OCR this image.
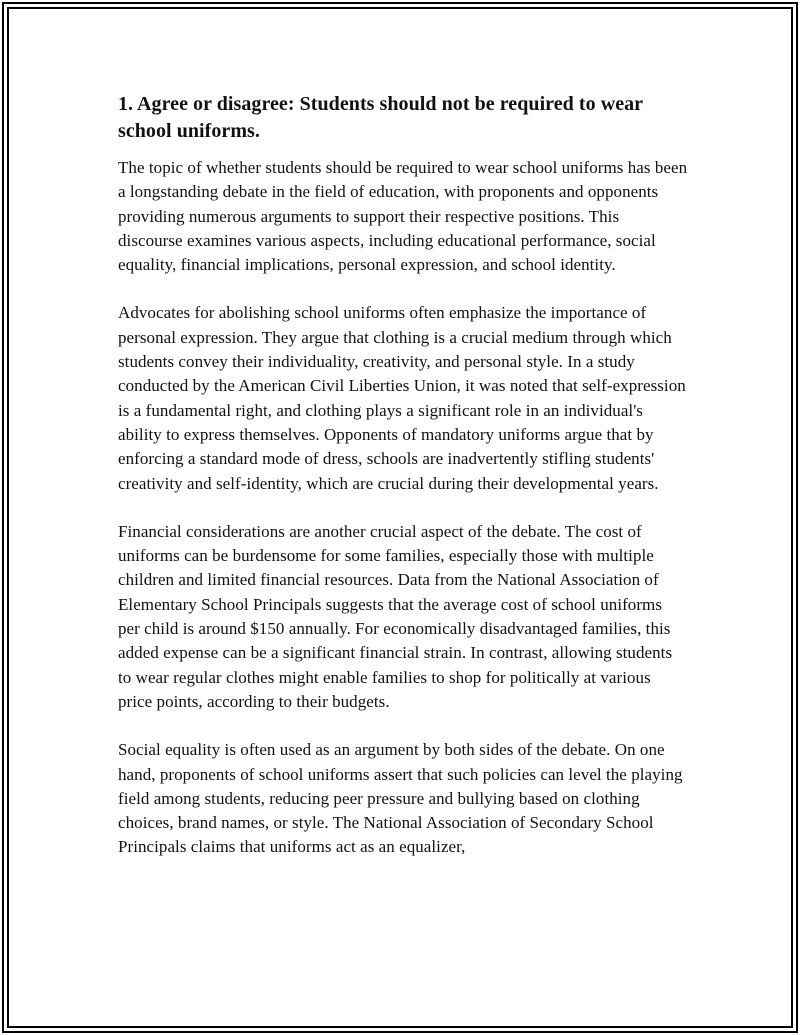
1. Agree or disagree: Students should not be required to wear school uniforms.

The topic of whether students should be required to wear school uniforms has been a longstanding debate in the field of education, with proponents and opponents providing numerous arguments to support their respective positions. This discourse examines various aspects, including educational performance, social equality, financial implications, personal expression, and school identity.

Advocates for abolishing school uniforms often emphasize the importance of personal expression. They argue that clothing is a crucial medium through which students convey their individuality, creativity, and personal style. In a study conducted by the American Civil Liberties Union, it was noted that self-expression is a fundamental right, and clothing plays a significant role in an individual's ability to express themselves. Opponents of mandatory uniforms argue that by enforcing a standard mode of dress, schools are inadvertently stifling students' creativity and self-identity, which are crucial during their developmental years.

Financial considerations are another crucial aspect of the debate. The cost of uniforms can be burdensome for some families, especially those with multiple children and limited financial resources. Data from the National Association of Elementary School Principals suggests that the average cost of school uniforms per child is around $150 annually. For economically disadvantaged families, this added expense can be a significant financial strain. In contrast, allowing students to wear regular clothes might enable families to shop for politically at various price points, according to their budgets.

Social equality is often used as an argument by both sides of the debate. On one hand, proponents of school uniforms assert that such policies can level the playing field among students, reducing peer pressure and bullying based on clothing choices, brand names, or style. The National Association of Secondary School Principals claims that uniforms act as an equalizer,
